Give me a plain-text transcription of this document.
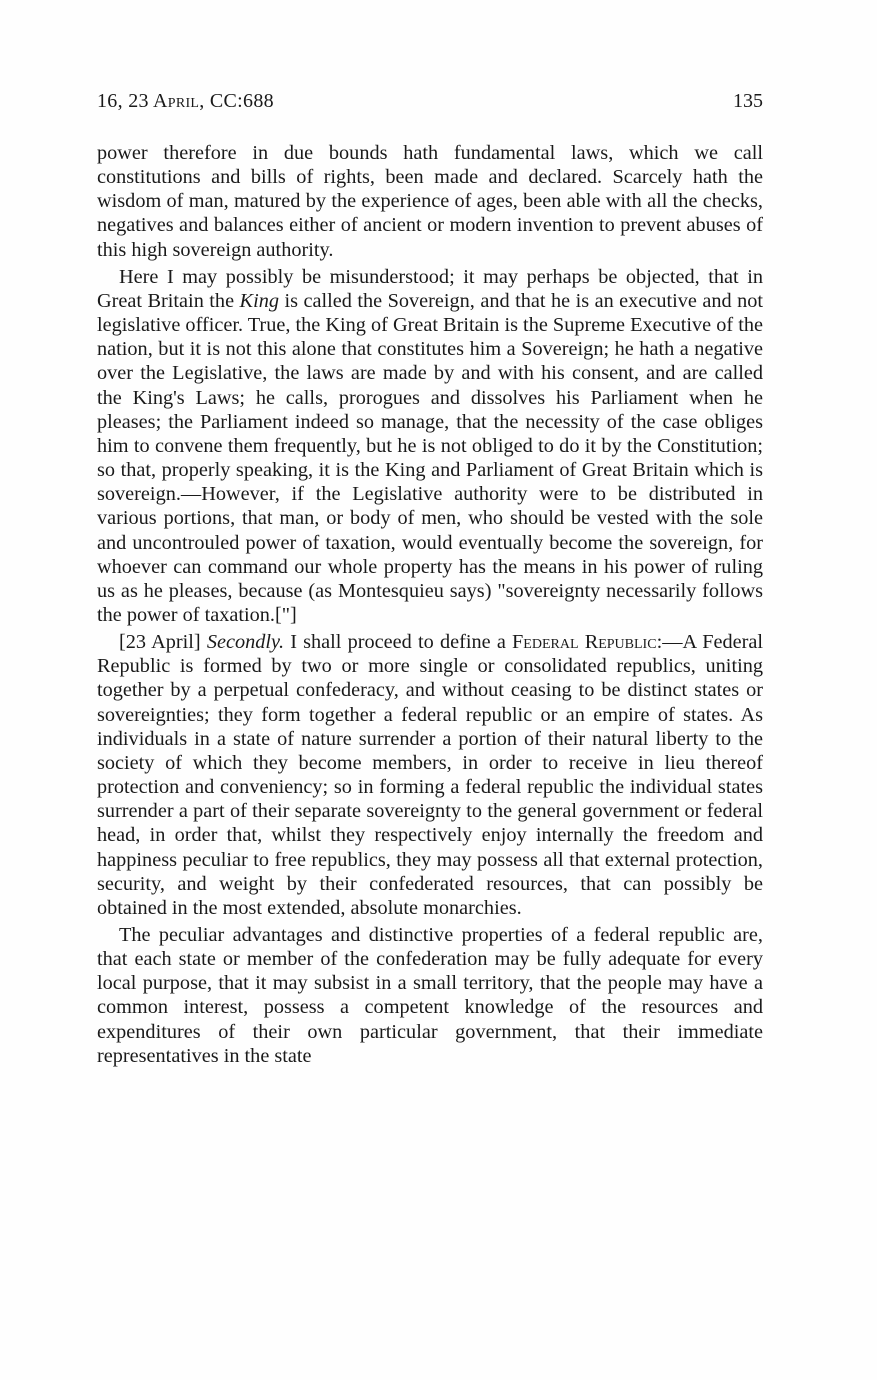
16, 23 April, CC:688	135

power therefore in due bounds hath fundamental laws, which we call constitutions and bills of rights, been made and declared. Scarcely hath the wisdom of man, matured by the experience of ages, been able with all the checks, negatives and balances either of ancient or modern invention to prevent abuses of this high sovereign authority.

Here I may possibly be misunderstood; it may perhaps be objected, that in Great Britain the King is called the Sovereign, and that he is an executive and not legislative officer. True, the King of Great Britain is the Supreme Executive of the nation, but it is not this alone that constitutes him a Sovereign; he hath a negative over the Legislative, the laws are made by and with his consent, and are called the King's Laws; he calls, prorogues and dissolves his Parliament when he pleases; the Parliament indeed so manage, that the necessity of the case obliges him to convene them frequently, but he is not obliged to do it by the Constitution; so that, properly speaking, it is the King and Parliament of Great Britain which is sovereign.—However, if the Legislative authority were to be distributed in various portions, that man, or body of men, who should be vested with the sole and uncontrouled power of taxation, would eventually become the sovereign, for whoever can command our whole property has the means in his power of ruling us as he pleases, because (as Montesquieu says) "sovereignty necessarily follows the power of taxation.["]

[23 April] Secondly. I shall proceed to define a Federal Republic:—A Federal Republic is formed by two or more single or consolidated republics, uniting together by a perpetual confederacy, and without ceasing to be distinct states or sovereignties; they form together a federal republic or an empire of states. As individuals in a state of nature surrender a portion of their natural liberty to the society of which they become members, in order to receive in lieu thereof protection and conveniency; so in forming a federal republic the individual states surrender a part of their separate sovereignty to the general government or federal head, in order that, whilst they respectively enjoy internally the freedom and happiness peculiar to free republics, they may possess all that external protection, security, and weight by their confederated resources, that can possibly be obtained in the most extended, absolute monarchies.

The peculiar advantages and distinctive properties of a federal republic are, that each state or member of the confederation may be fully adequate for every local purpose, that it may subsist in a small territory, that the people may have a common interest, possess a competent knowledge of the resources and expenditures of their own particular government, that their immediate representatives in the state
